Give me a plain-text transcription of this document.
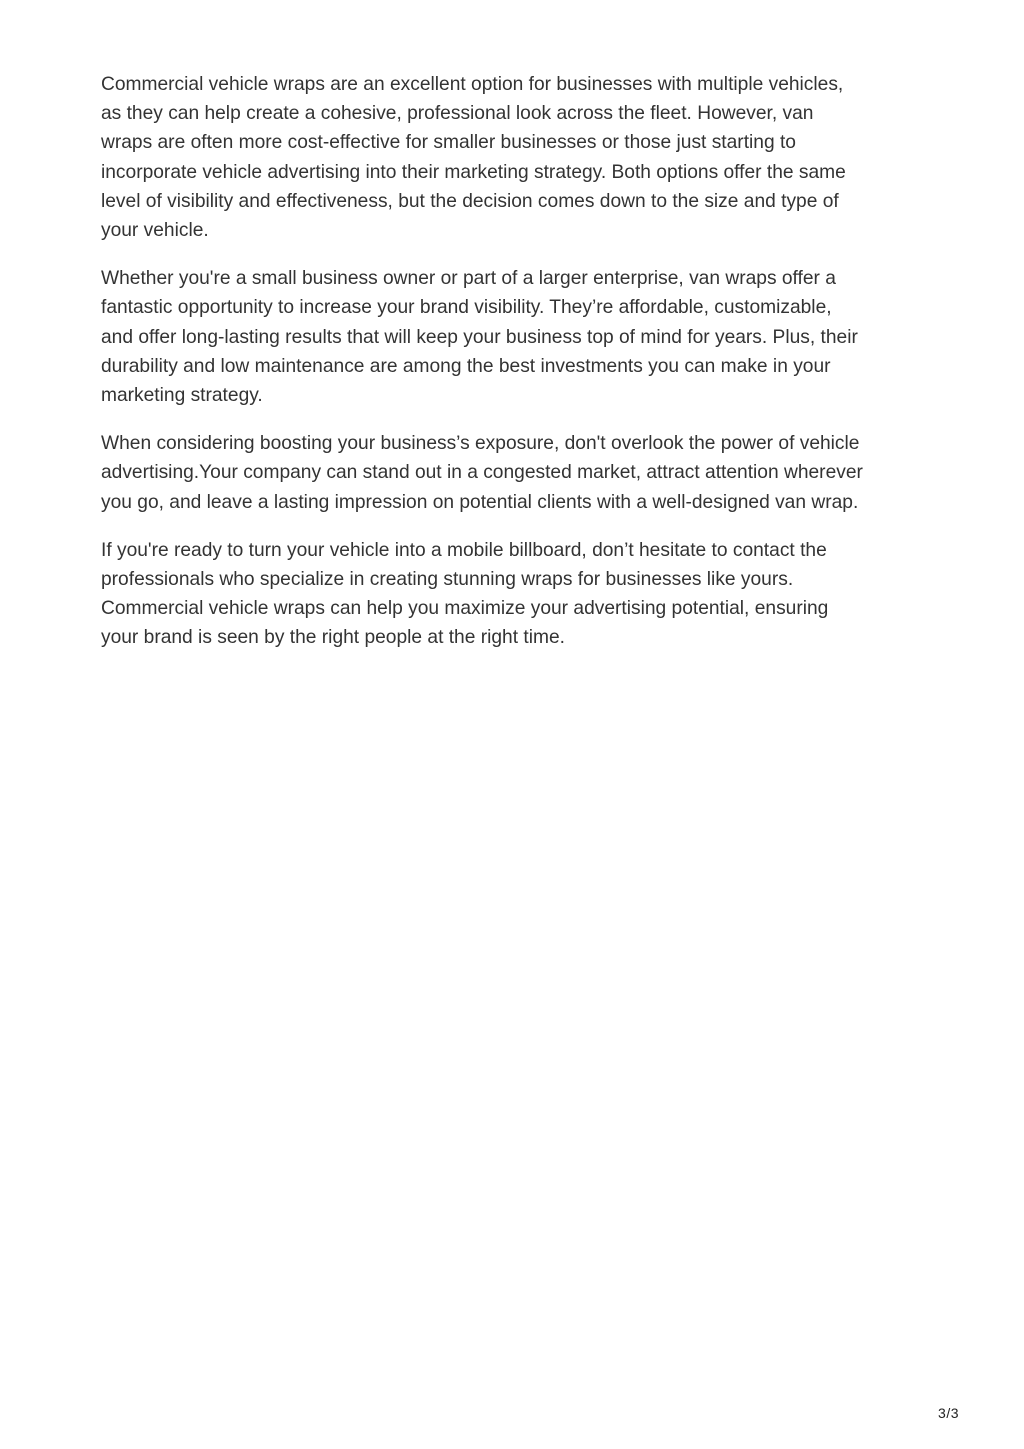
Commercial vehicle wraps are an excellent option for businesses with multiple vehicles,
as they can help create a cohesive, professional look across the fleet. However, van
wraps are often more cost-effective for smaller businesses or those just starting to
incorporate vehicle advertising into their marketing strategy. Both options offer the same
level of visibility and effectiveness, but the decision comes down to the size and type of
your vehicle.

Whether you're a small business owner or part of a larger enterprise, van wraps offer a
fantastic opportunity to increase your brand visibility. They’re affordable, customizable,
and offer long-lasting results that will keep your business top of mind for years. Plus, their
durability and low maintenance are among the best investments you can make in your
marketing strategy.

When considering boosting your business’s exposure, don't overlook the power of vehicle
advertising.Your company can stand out in a congested market, attract attention wherever
you go, and leave a lasting impression on potential clients with a well-designed van wrap.

If you're ready to turn your vehicle into a mobile billboard, don’t hesitate to contact the
professionals who specialize in creating stunning wraps for businesses like yours.
Commercial vehicle wraps can help you maximize your advertising potential, ensuring
your brand is seen by the right people at the right time.

3/3
